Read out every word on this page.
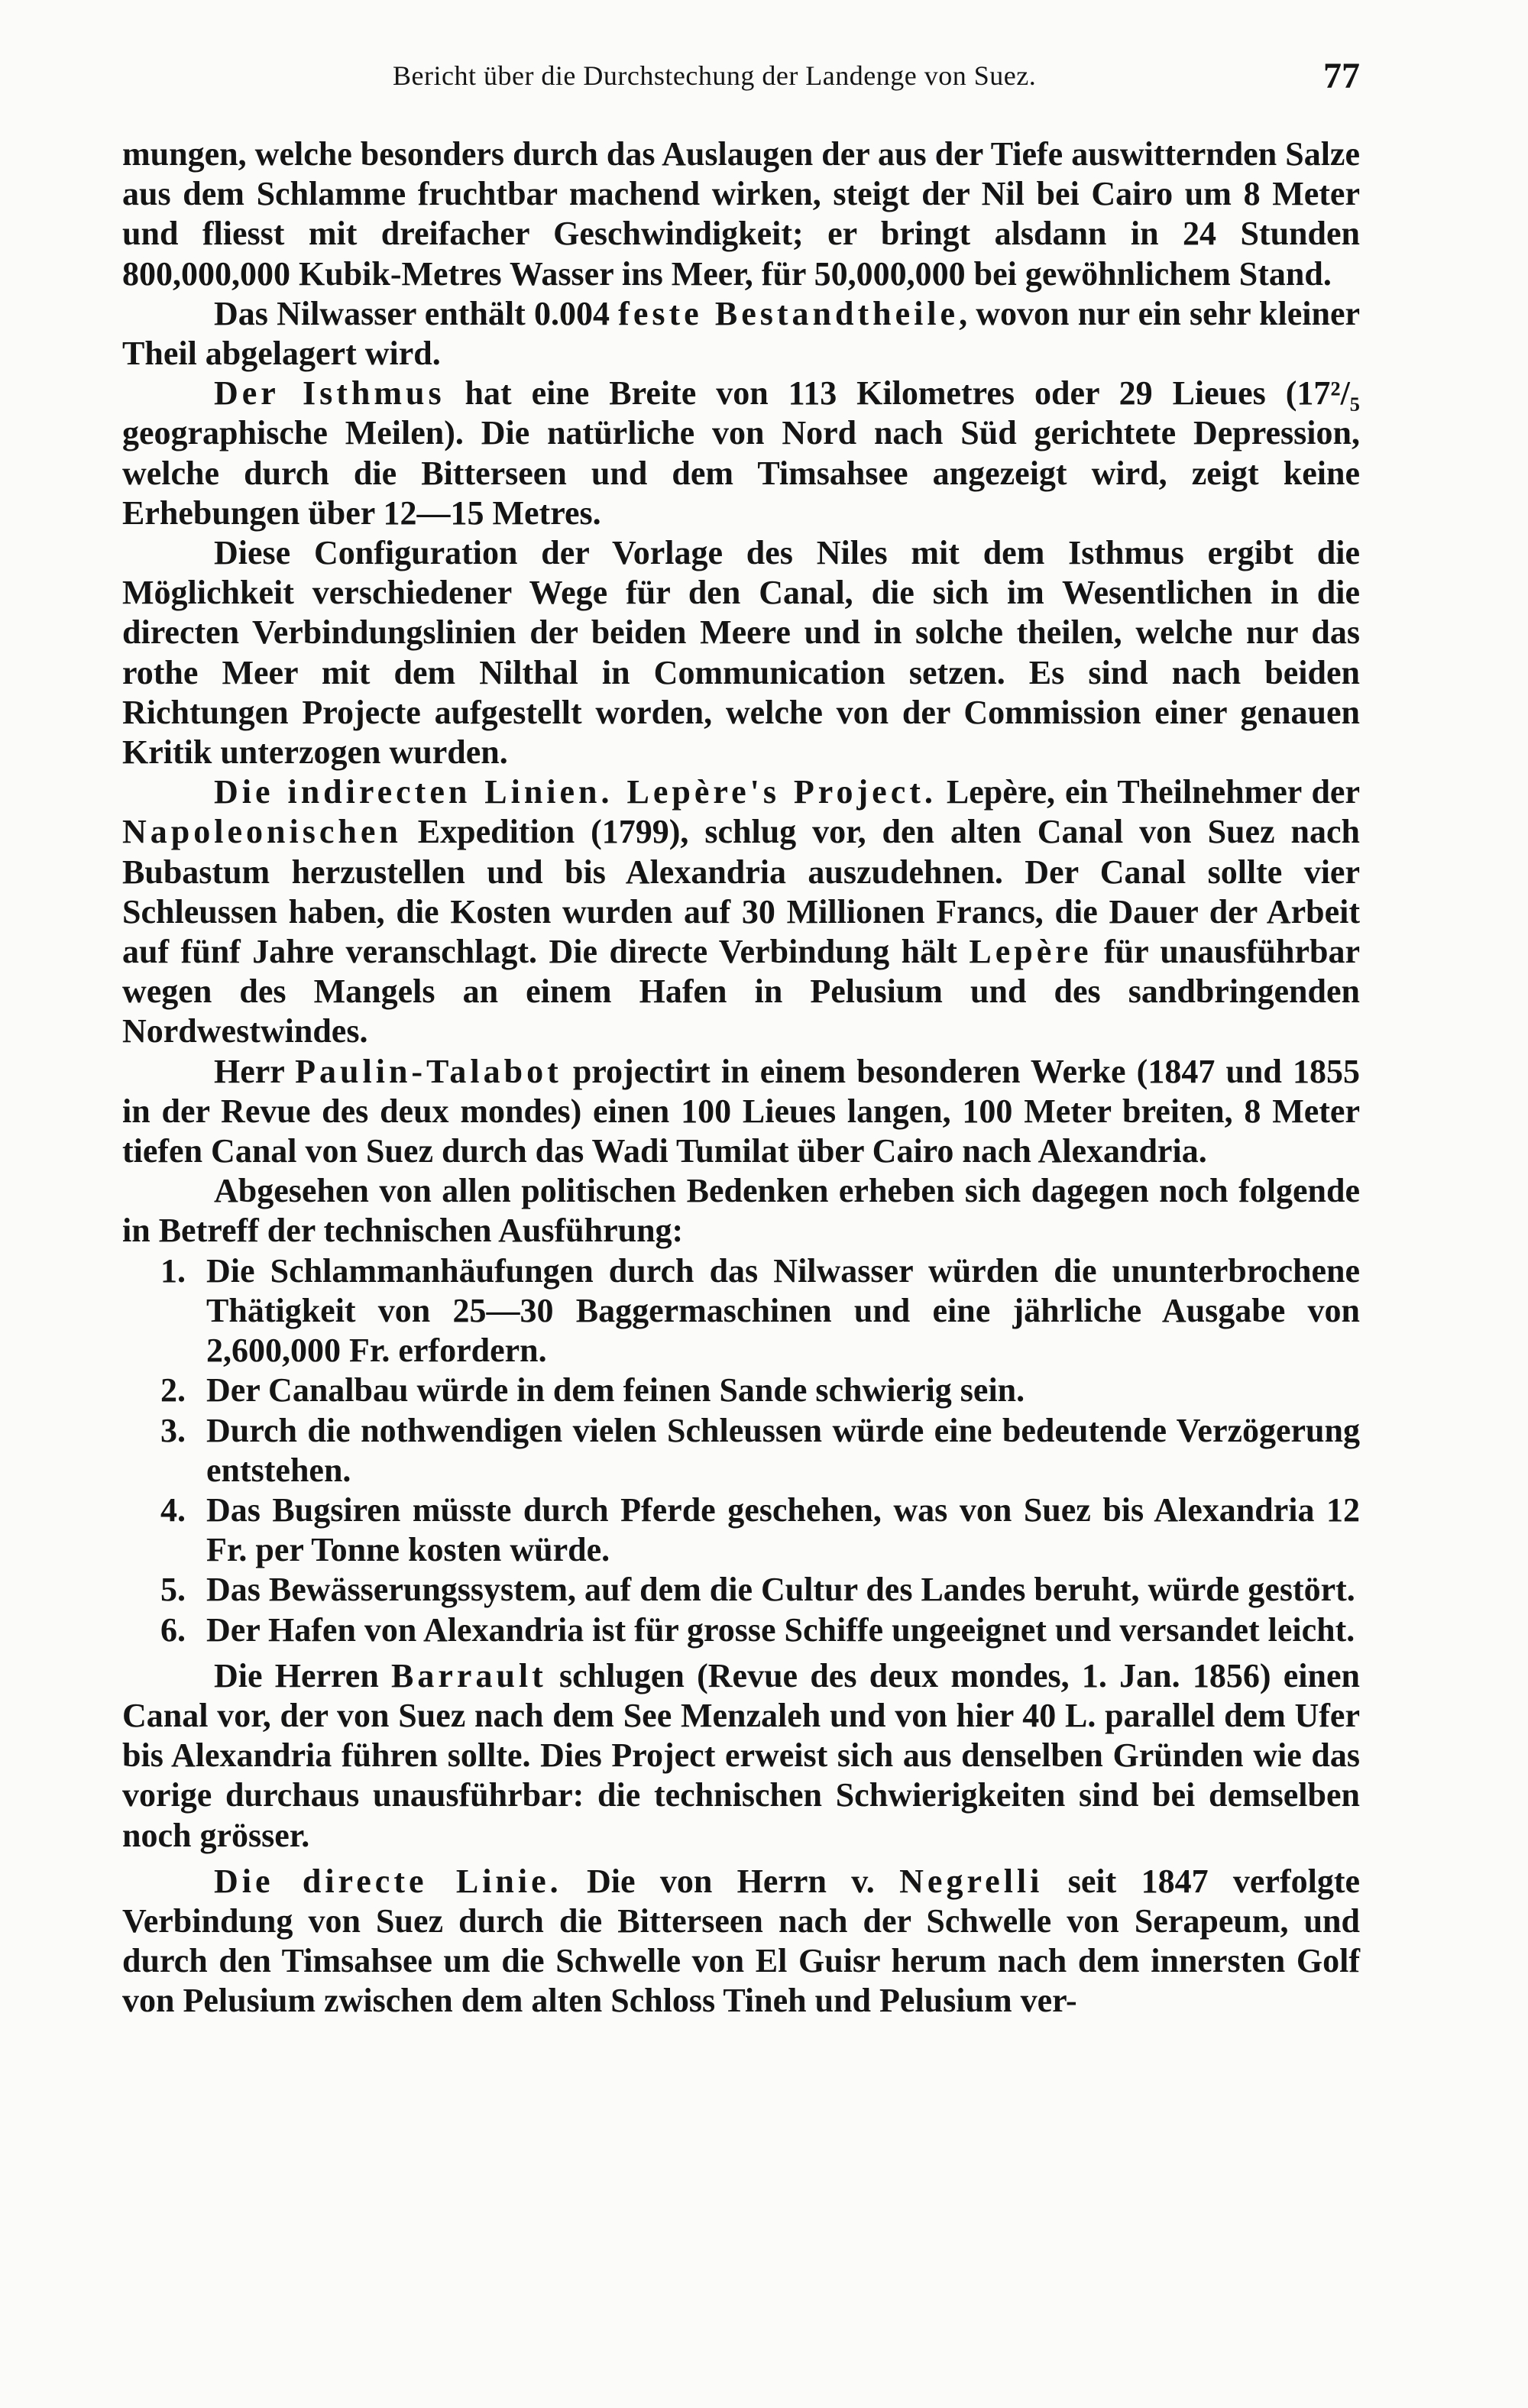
Bericht über die Durchstechung der Landenge von Suez.	77

mungen, welche besonders durch das Auslaugen der aus der Tiefe auswitternden Salze aus dem Schlamme fruchtbar machend wirken, steigt der Nil bei Cairo um 8 Meter und fliesst mit dreifacher Geschwindigkeit; er bringt alsdann in 24 Stunden 800,000,000 Kubik-Metres Wasser ins Meer, für 50,000,000 bei gewöhnlichem Stand.

Das Nilwasser enthält 0.004 feste Bestandtheile, wovon nur ein sehr kleiner Theil abgelagert wird.

Der Isthmus hat eine Breite von 113 Kilometres oder 29 Lieues (17²/₅ geographische Meilen). Die natürliche von Nord nach Süd gerichtete Depression, welche durch die Bitterseen und dem Timsahsee angezeigt wird, zeigt keine Erhebungen über 12—15 Metres.

Diese Configuration der Vorlage des Niles mit dem Isthmus ergibt die Möglichkeit verschiedener Wege für den Canal, die sich im Wesentlichen in die directen Verbindungslinien der beiden Meere und in solche theilen, welche nur das rothe Meer mit dem Nilthal in Communication setzen. Es sind nach beiden Richtungen Projecte aufgestellt worden, welche von der Commission einer genauen Kritik unterzogen wurden.

Die indirecten Linien. Lepère's Project. Lepère, ein Theilnehmer der Napoleonischen Expedition (1799), schlug vor, den alten Canal von Suez nach Bubastum herzustellen und bis Alexandria auszudehnen. Der Canal sollte vier Schleussen haben, die Kosten wurden auf 30 Millionen Francs, die Dauer der Arbeit auf fünf Jahre veranschlagt. Die directe Verbindung hält Lepère für unausführbar wegen des Mangels an einem Hafen in Pelusium und des sandbringenden Nordwestwindes.

Herr Paulin-Talabot projectirt in einem besonderen Werke (1847 und 1855 in der Revue des deux mondes) einen 100 Lieues langen, 100 Meter breiten, 8 Meter tiefen Canal von Suez durch das Wadi Tumilat über Cairo nach Alexandria.

Abgesehen von allen politischen Bedenken erheben sich dagegen noch folgende in Betreff der technischen Ausführung:

1. Die Schlammanhäufungen durch das Nilwasser würden die ununterbrochene Thätigkeit von 25—30 Baggermaschinen und eine jährliche Ausgabe von 2,600,000 Fr. erfordern.
2. Der Canalbau würde in dem feinen Sande schwierig sein.
3. Durch die nothwendigen vielen Schleussen würde eine bedeutende Verzögerung entstehen.
4. Das Bugsiren müsste durch Pferde geschehen, was von Suez bis Alexandria 12 Fr. per Tonne kosten würde.
5. Das Bewässerungssystem, auf dem die Cultur des Landes beruht, würde gestört.
6. Der Hafen von Alexandria ist für grosse Schiffe ungeeignet und versandet leicht.

Die Herren Barrault schlugen (Revue des deux mondes, 1. Jan. 1856) einen Canal vor, der von Suez nach dem See Menzaleh und von hier 40 L. parallel dem Ufer bis Alexandria führen sollte. Dies Project erweist sich aus denselben Gründen wie das vorige durchaus unausführbar: die technischen Schwierigkeiten sind bei demselben noch grösser.

Die directe Linie. Die von Herrn v. Negrelli seit 1847 verfolgte Verbindung von Suez durch die Bitterseen nach der Schwelle von Serapeum, und durch den Timsahsee um die Schwelle von El Guisr herum nach dem innersten Golf von Pelusium zwischen dem alten Schloss Tineh und Pelusium ver-
